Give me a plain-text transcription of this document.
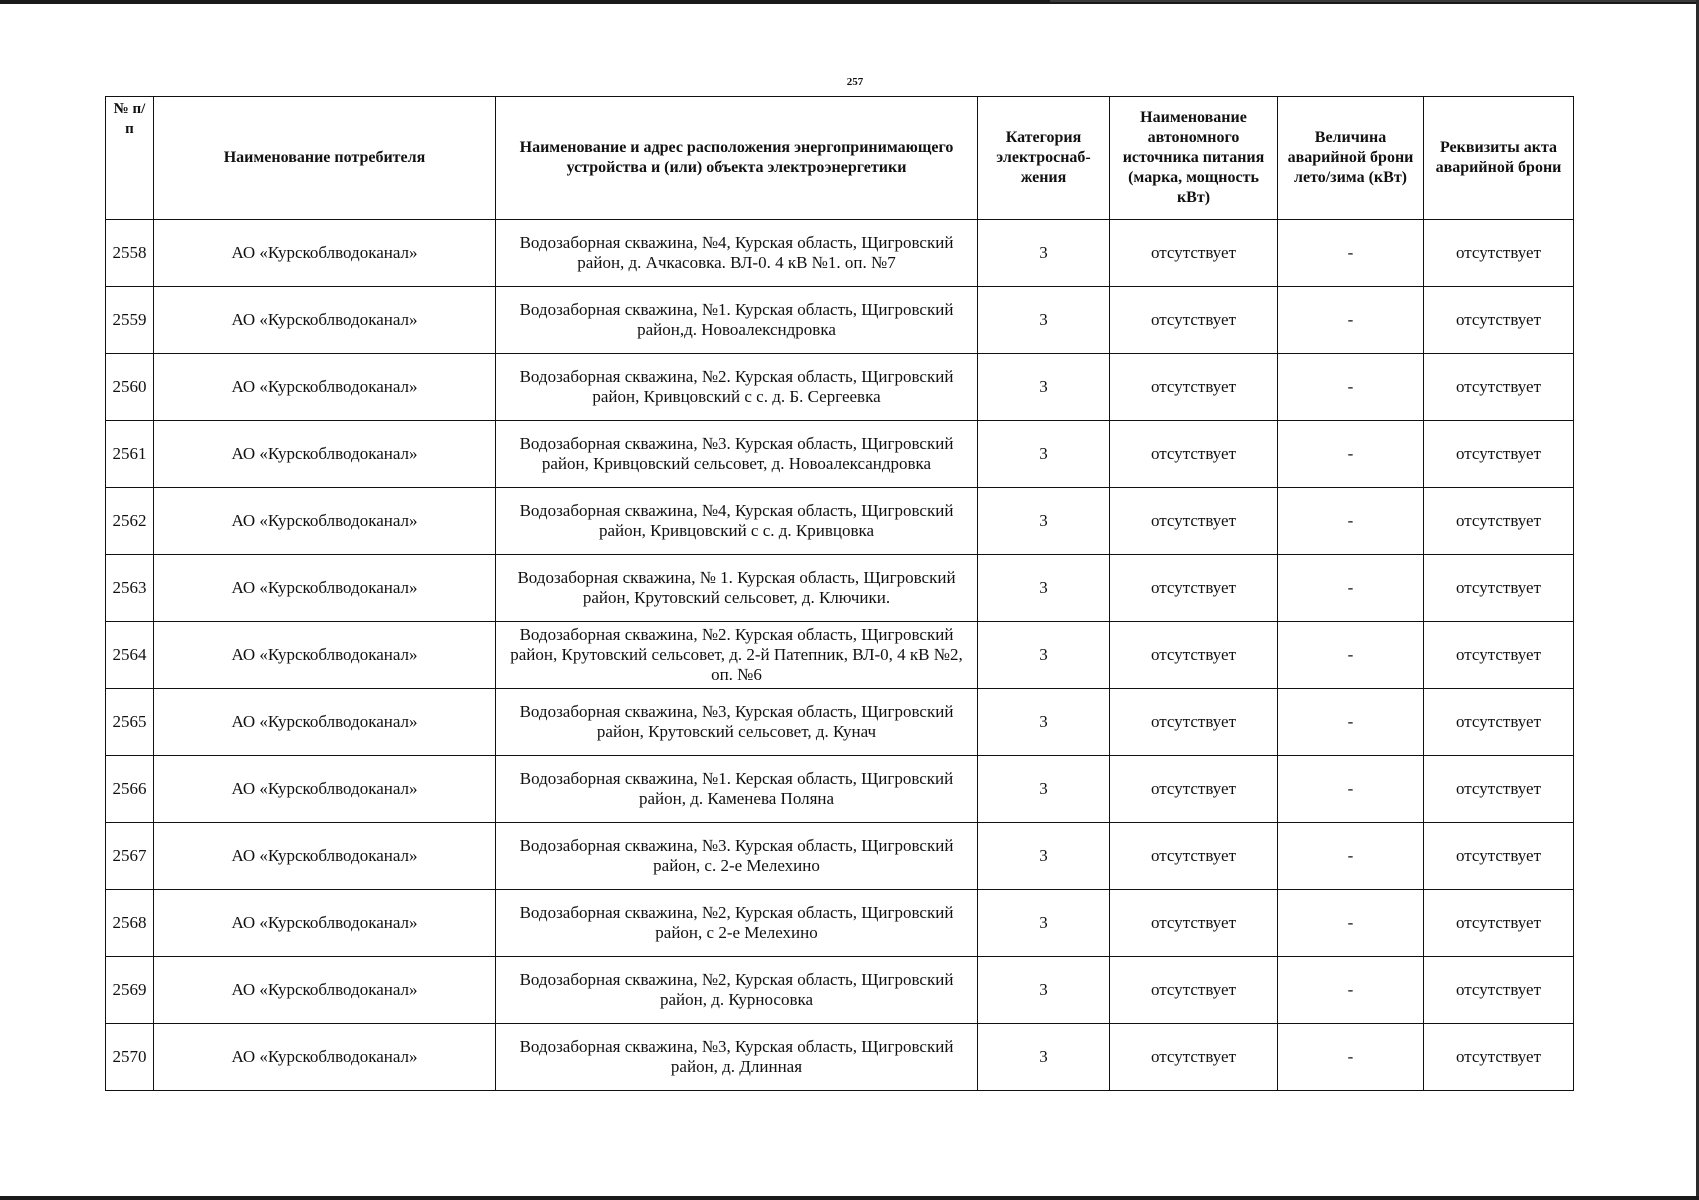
257
№ п/п	Наименование потребителя	Наименование и адрес расположения энергопринимающего устройства и (или) объекта электроэнергетики	Категория электроснаб-жения	Наименование автономного источника питания (марка, мощность кВт)	Величина аварийной брони лето/зима (кВт)	Реквизиты акта аварийной брони
2558	АО «Курскоблводоканал»	Водозаборная скважина, №4, Курская область, Щигровский район, д. Ачкасовка. ВЛ-0. 4 кВ №1. оп. №7	3	отсутствует	-	отсутствует
2559	АО «Курскоблводоканал»	Водозаборная скважина, №1. Курская область, Щигровский район,д. Новоалексндровка	3	отсутствует	-	отсутствует
2560	АО «Курскоблводоканал»	Водозаборная скважина, №2. Курская область, Щигровский район, Кривцовский с с. д. Б. Сергеевка	3	отсутствует	-	отсутствует
2561	АО «Курскоблводоканал»	Водозаборная скважина, №3. Курская область, Щигровский район, Кривцовский сельсовет, д. Новоалександровка	3	отсутствует	-	отсутствует
2562	АО «Курскоблводоканал»	Водозаборная скважина, №4, Курская область, Щигровский район, Кривцовский с с. д. Кривцовка	3	отсутствует	-	отсутствует
2563	АО «Курскоблводоканал»	Водозаборная скважина, № 1. Курская область, Щигровский район, Крутовский сельсовет, д. Ключики.	3	отсутствует	-	отсутствует
2564	АО «Курскоблводоканал»	Водозаборная скважина, №2. Курская область, Щигровский район, Крутовский сельсовет, д. 2-й Патепник, ВЛ-0, 4 кВ №2, оп. №6	3	отсутствует	-	отсутствует
2565	АО «Курскоблводоканал»	Водозаборная скважина, №3, Курская область, Щигровский район, Крутовский сельсовет, д. Кунач	3	отсутствует	-	отсутствует
2566	АО «Курскоблводоканал»	Водозаборная скважина, №1. Керская область, Щигровский район, д. Каменева Поляна	3	отсутствует	-	отсутствует
2567	АО «Курскоблводоканал»	Водозаборная скважина, №3. Курская область, Щигровский район, с. 2-е Мелехино	3	отсутствует	-	отсутствует
2568	АО «Курскоблводоканал»	Водозаборная скважина, №2, Курская область, Щигровский район, с 2-е Мелехино	3	отсутствует	-	отсутствует
2569	АО «Курскоблводоканал»	Водозаборная скважина, №2, Курская область, Щигровский район, д. Курносовка	3	отсутствует	-	отсутствует
2570	АО «Курскоблводоканал»	Водозаборная скважина, №3, Курская область, Щигровский район, д. Длинная	3	отсутствует	-	отсутствует
